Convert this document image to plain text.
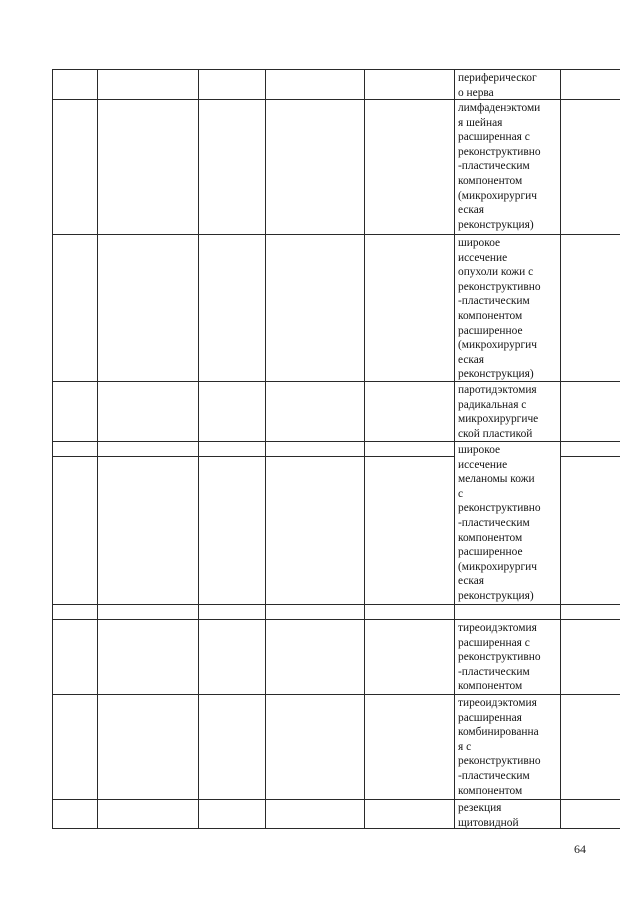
периферическог
о нерва
лимфаденэктоми
я шейная
расширенная с
реконструктивно
-пластическим
компонентом
(микрохирургич
еская
реконструкция)
широкое
иссечение
опухоли кожи с
реконструктивно
-пластическим
компонентом
расширенное
(микрохирургич
еская
реконструкция)
паротидэктомия
радикальная с
микрохирургиче
ской пластикой
широкое
иссечение
меланомы кожи
с
реконструктивно
-пластическим
компонентом
расширенное
(микрохирургич
еская
реконструкция)
тиреоидэктомия
расширенная с
реконструктивно
-пластическим
компонентом
тиреоидэктомия
расширенная
комбинированна
я с
реконструктивно
-пластическим
компонентом
резекция
щитовидной
64
